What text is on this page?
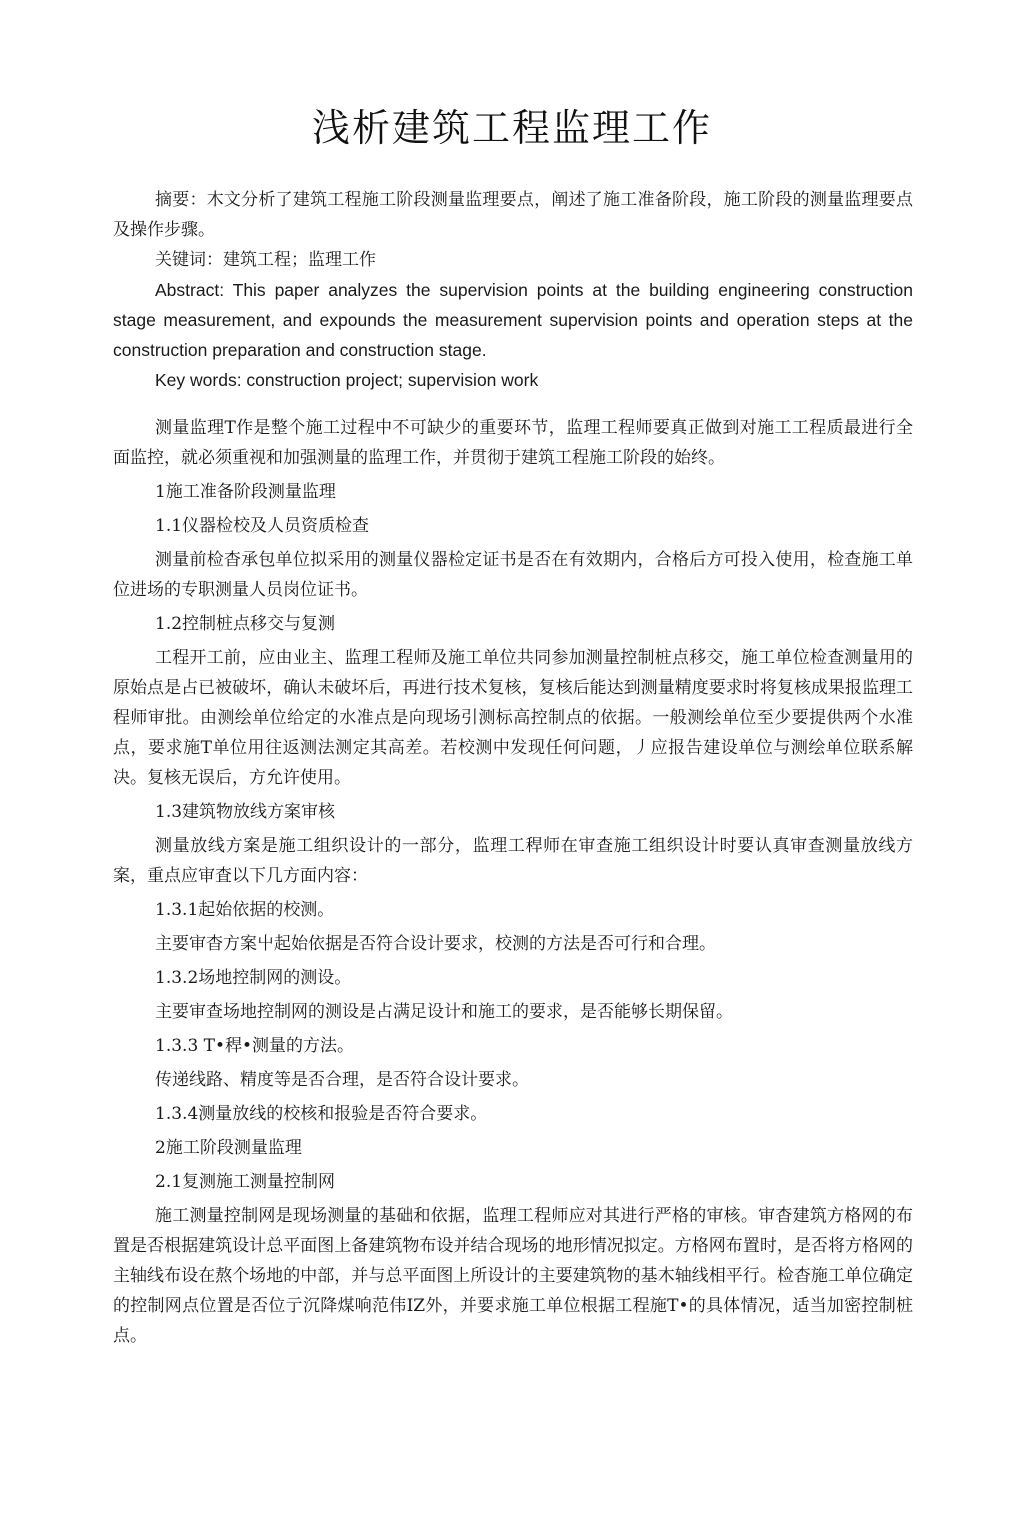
浅析建筑工程监理工作

摘要：木文分析了建筑工程施工阶段测量监理要点，阐述了施工准备阶段，施工阶段的测量监理要点及操作步骤。

关键词：建筑工程；监理工作

Abstract: This paper analyzes the supervision points at the building engineering construction stage measurement, and expounds the measurement supervision points and operation steps at the construction preparation and construction stage.

Key words: construction project; supervision work

测量监理T作是整个施工过程中不可缺少的重要环节，监理工程师要真正做到对施工工程质最进行全面监控，就必须重视和加强测量的监理工作，并贯彻于建筑工程施工阶段的始终。

1施工准备阶段测量监理

1.1仪器检校及人员资质检查

测量前检杳承包单位拟采用的测量仪器检定证书是否在有效期内，合格后方可投入使用，检查施工单位进场的专职测量人员岗位证书。

1.2控制桩点移交与复测

工程开工前，应由业主、监理工程师及施工单位共同参加测量控制桩点移交，施工单位检查测量用的原始点是占已被破坏，确认未破坏后，再进行技术复核，复核后能达到测量精度要求时将复核成果报监理工程师审批。由测绘单位给定的水准点是向现场引测标高控制点的依据。一般测绘单位至少要提供两个水准点，要求施T单位用往返测法测定其高差。若校测中发现任何问题，丿应报告建设单位与测绘单位联系解决。复核无误后，方允许使用。

1.3建筑物放线方案审核

测量放线方案是施工组织设计的一部分，监理工稈师在审查施工组织设计时要认真审查测量放线方案，重点应审査以下几方面内容：

1.3.1起始依据的校测。

主要审杳方案屮起始依据是否符合设计要求，校测的方法是否可行和合理。

1.3.2场地控制网的测设。

主要审查场地控制网的测设是占满足设计和施工的要求，是否能够长期保留。

1.3.3 T•稈•测量的方法。

传递线路、精度等是否合理，是否符合设计要求。

1.3.4测量放线的校核和报验是否符合要求。

2施工阶段测量监理

2.1复测施工测量控制网

施工测量控制网是现场测量的基础和依据，监理工程师应对其进行严格的审核。审杳建筑方格网的布置是否根据建筑设计总平面图上备建筑物布设并结合现场的地形情况拟定。方格网布置时，是否将方格网的主轴线布设在熬个场地的中部，并与总平面图上所设计的主要建筑物的基木轴线相平行。检杳施工单位确定的控制网点位置是否位亍沉降煤响范伟IZ外，并要求施工单位根据工程施T•的具体情况，适当加密控制桩点。
